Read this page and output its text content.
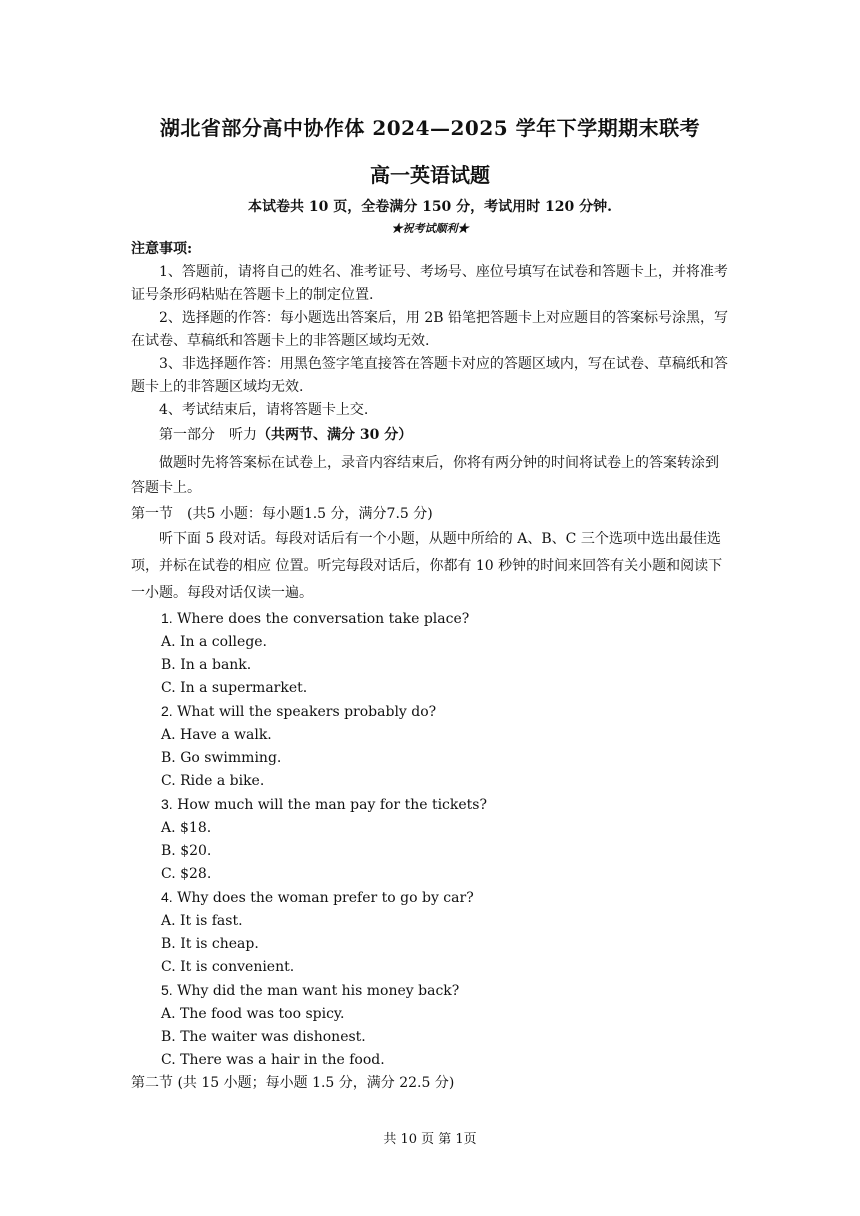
湖北省部分高中协作体 2024—2025 学年下学期期末联考
高一英语试题
本试卷共 10 页，全卷满分 150 分，考试用时 120 分钟.
★祝考试顺利★

注意事项:

1、答题前，请将自己的姓名、准考证号、考场号、座位号填写在试卷和答题卡上，并将准考证号条形码粘贴在答题卡上的制定位置.

2、选择题的作答：每小题选出答案后，用 2B 铅笔把答题卡上对应题目的答案标号涂黑，写在试卷、草稿纸和答题卡上的非答题区域均无效.

3、非选择题作答：用黑色签字笔直接答在答题卡对应的答题区域内，写在试卷、草稿纸和答题卡上的非答题区域均无效.

4、考试结束后，请将答题卡上交.

第一部分　听力（共两节、满分 30 分）

做题时先将答案标在试卷上，录音内容结束后，你将有两分钟的时间将试卷上的答案转涂到答题卡上。

第一节　(共5 小题：每小题1.5 分，满分7.5 分)

听下面 5 段对话。每段对话后有一个小题，从题中所给的 A、B、C 三个选项中选出最佳选项，并标在试卷的相应 位置。听完每段对话后，你都有 10 秒钟的时间来回答有关小题和阅读下一小题。每段对话仅读一遍。

1. Where does the conversation take place?

A. In a college.

B. In a bank.

C. In a supermarket.

2. What will the speakers probably do?

A. Have a walk.

B. Go swimming.

C. Ride a bike.

3. How much will the man pay for the tickets?

A. $18.

B. $20.

C. $28.

4. Why does the woman prefer to go by car?

A. It is fast.

B. It is cheap.

C. It is convenient.

5. Why did the man want his money back?

A. The food was too spicy.

B. The waiter was dishonest.

C. There was a hair in the food.

第二节 (共 15 小题；每小题 1.5 分，满分 22.5 分)

共 10 页 第 1页
